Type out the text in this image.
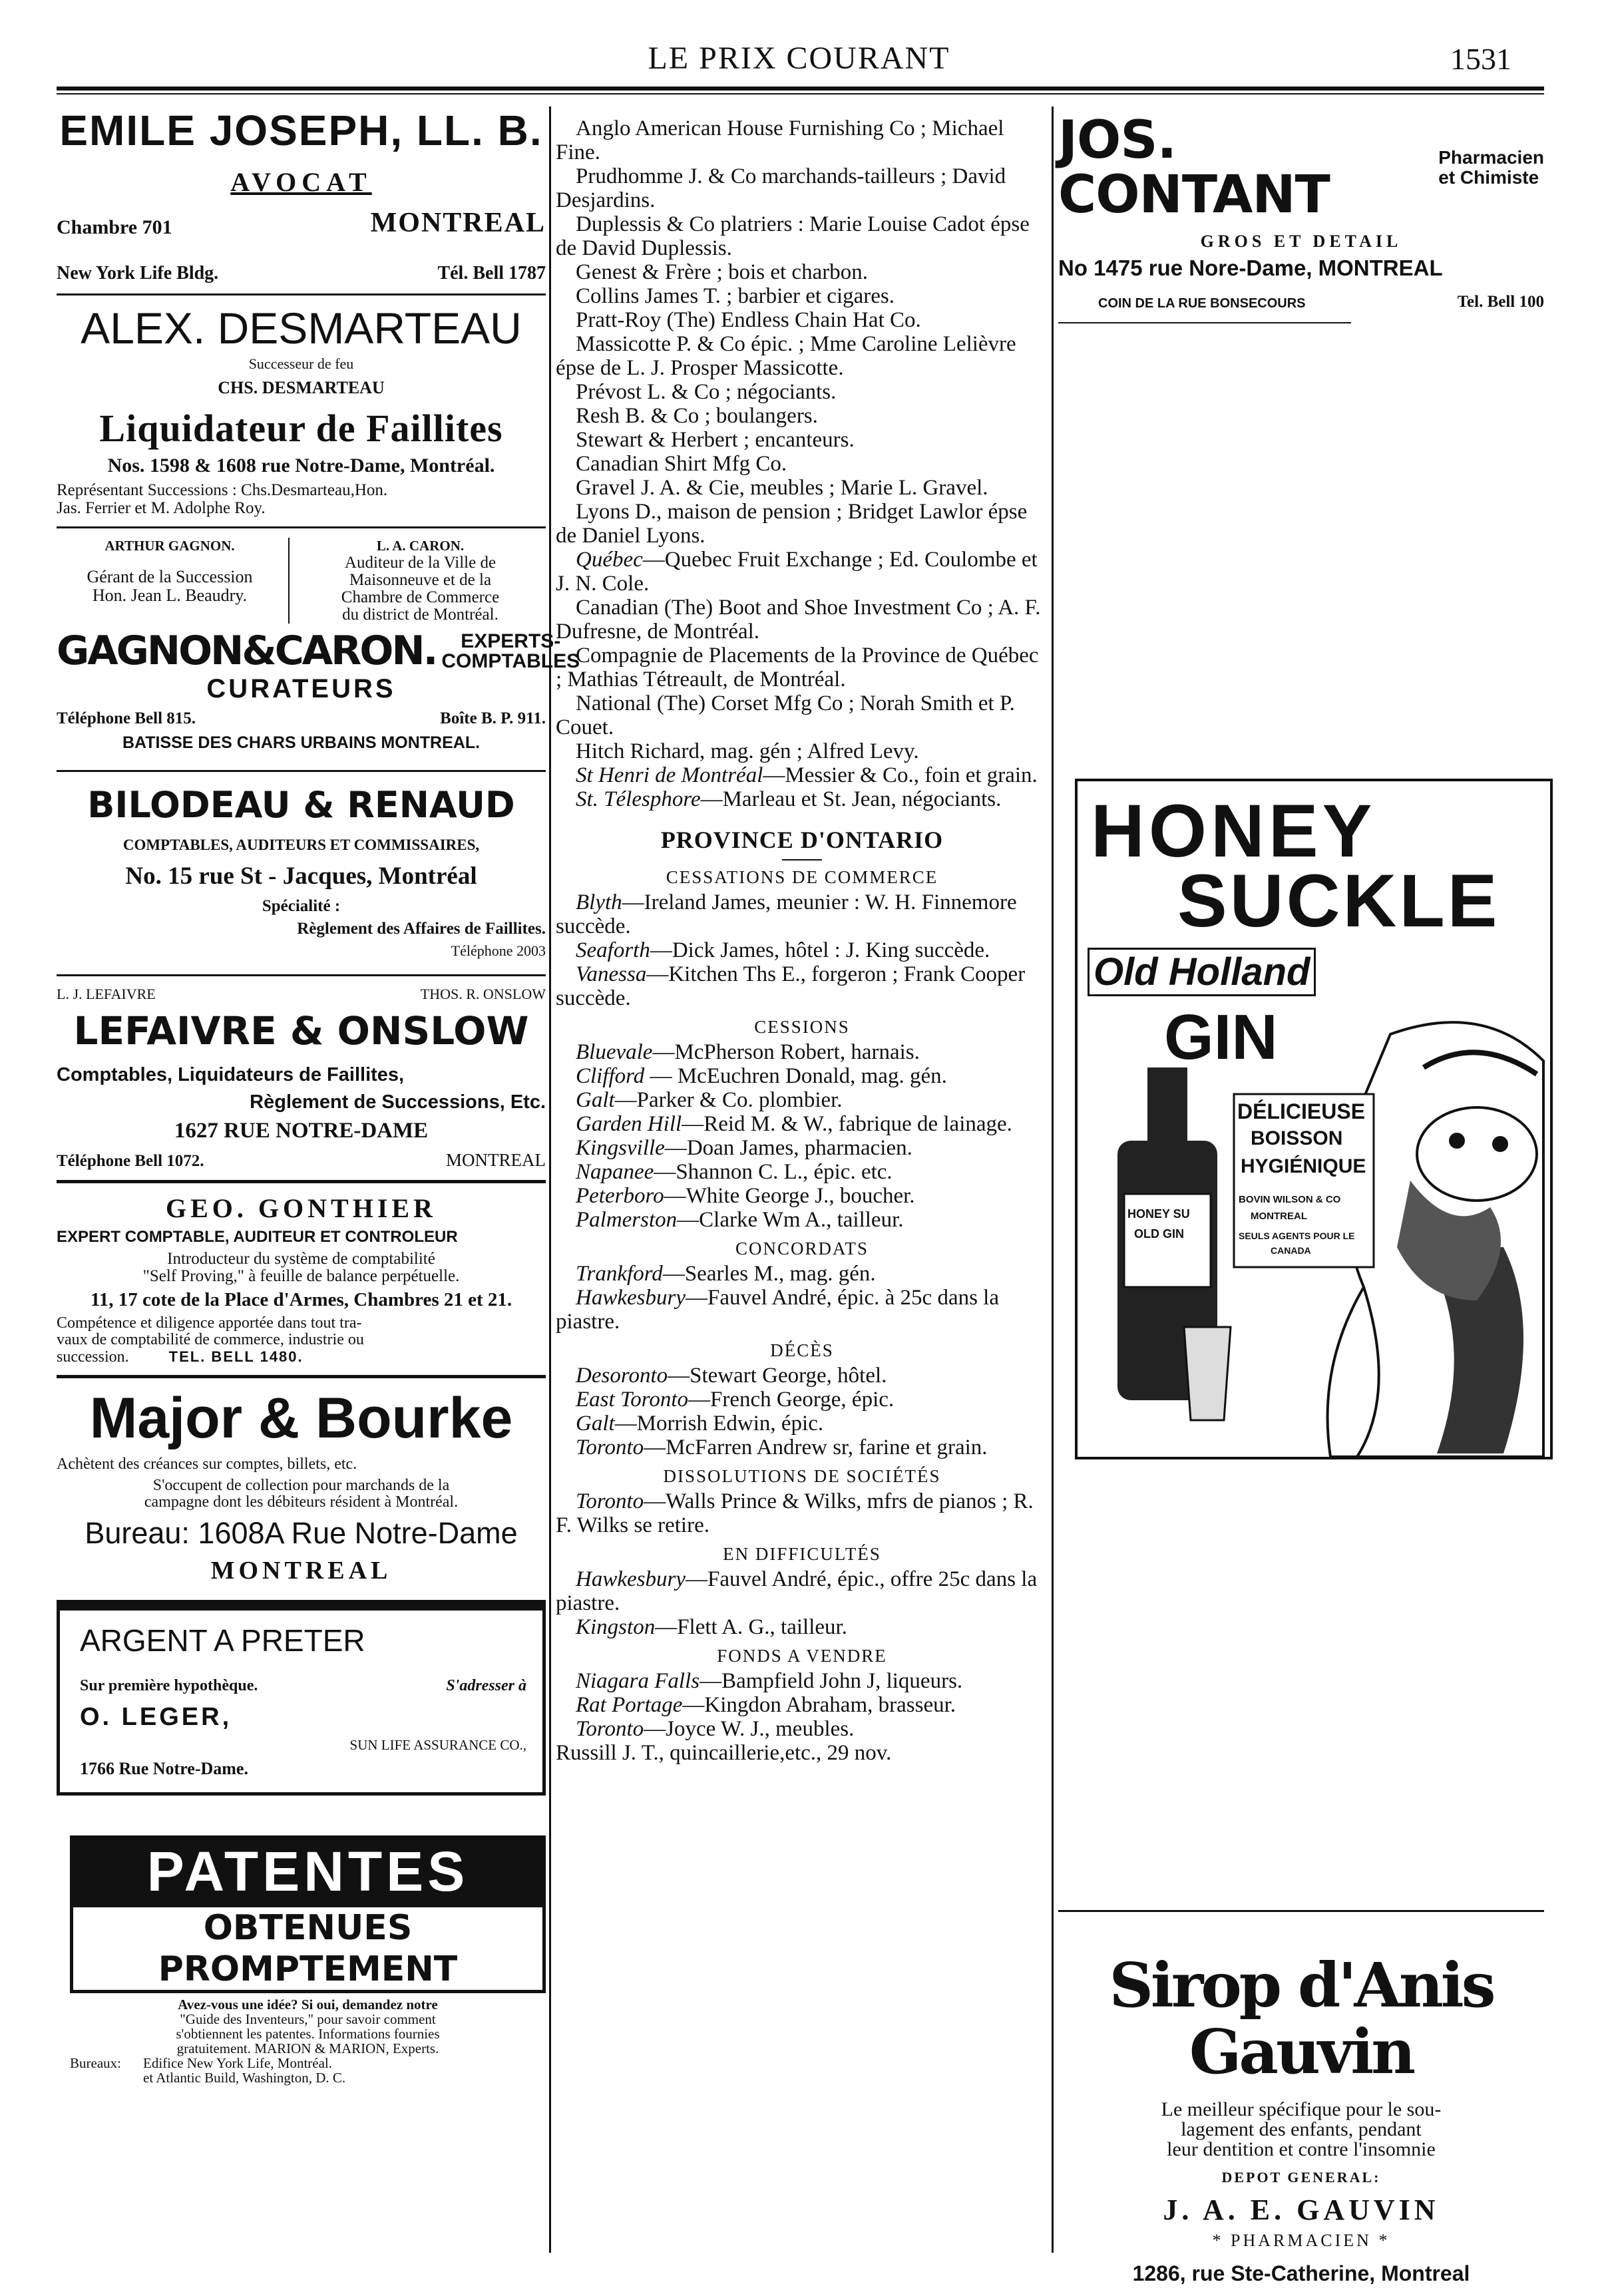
LE PRIX COURANT	1531
EMILE JOSEPH, LL. B.
AVOCAT
Chambre 701	MONTREAL
New York Life Bldg.	Tél. Bell 1787
ALEX. DESMARTEAU
Successeur de feu
CHS. DESMARTEAU
Liquidateur de Faillites
Nos. 1598 & 1608 rue Notre-Dame, Montréal.
Représentant Successions : Chs.Desmarteau,Hon.
Jas. Ferrier et M. Adolphe Roy.
ARTHUR GAGNON.
Gérant de la Succession
Hon. Jean L. Beaudry.
L. A. CARON.
Auditeur de la Ville de
Maisonneuve et de la
Chambre de Commerce
du district de Montréal.
GAGNON&CARON.	EXPERTS-
COMPTABLES
CURATEURS
Téléphone Bell 815.	Boîte B. P. 911.
BATISSE DES CHARS URBAINS MONTREAL.
BILODEAU & RENAUD
COMPTABLES, AUDITEURS ET COMMISSAIRES,
No. 15 rue St - Jacques, Montréal
Spécialité :
Règlement des Affaires de Faillites.
Téléphone 2003
L. J. LEFAIVRE	THOS. R. ONSLOW
LEFAIVRE & ONSLOW
Comptables, Liquidateurs de Faillites,
Règlement de Successions, Etc.
1627 RUE NOTRE-DAME
Téléphone Bell 1072.	MONTREAL
GEO. GONTHIER
EXPERT COMPTABLE, AUDITEUR ET CONTROLEUR
Introducteur du système de comptabilité
"Self Proving," à feuille de balance perpétuelle.
11, 17 cote de la Place d'Armes, Chambres 21 et 21.
Compétence et diligence apportée dans tout tra-
vaux de comptabilité de commerce, industrie ou
succession.	TEL. BELL 1480.
Major & Bourke
Achètent des créances sur comptes, billets, etc.
S'occupent de collection pour marchands de la
campagne dont les débiteurs résident à Montréal.
Bureau: 1608A Rue Notre-Dame
MONTREAL
ARGENT A PRETER
Sur première hypothèque.	S'adresser à
O. LEGER,
SUN LIFE ASSURANCE CO.,
1766 Rue Notre-Dame.
PATENTES
OBTENUES PROMPTEMENT
Avez-vous une idée? Si oui, demandez notre
"Guide des Inventeurs," pour savoir comment
s'obtiennent les patentes. Informations fournies
gratuitement. MARION & MARION, Experts.
Bureaux:	Edifice New York Life, Montréal.
et Atlantic Build, Washington, D. C.

Anglo American House Furnishing Co ; Michael Fine.

Prudhomme J. & Co marchands-tailleurs ; David Desjardins.

Duplessis & Co platriers : Marie Louise Cadot épse de David Duplessis.

Genest & Frère ; bois et charbon.

Collins James T. ; barbier et cigares.

Pratt-Roy (The) Endless Chain Hat Co.

Massicotte P. & Co épic. ; Mme Caroline Lelièvre épse de L. J. Prosper Massicotte.

Prévost L. & Co ; négociants.

Resh B. & Co ; boulangers.

Stewart & Herbert ; encanteurs.

Canadian Shirt Mfg Co.

Gravel J. A. & Cie, meubles ; Marie L. Gravel.

Lyons D., maison de pension ; Bridget Lawlor épse de Daniel Lyons.

Québec—Quebec Fruit Exchange ; Ed. Coulombe et J. N. Cole.

Canadian (The) Boot and Shoe Investment Co ; A. F. Dufresne, de Montréal.

Compagnie de Placements de la Province de Québec ; Mathias Tétreault, de Montréal.

National (The) Corset Mfg Co ; Norah Smith et P. Couet.

Hitch Richard, mag. gén ; Alfred Levy.

St Henri de Montréal—Messier & Co., foin et grain.

St. Télesphore—Marleau et St. Jean, négociants.

PROVINCE D'ONTARIO
CESSATIONS DE COMMERCE

Blyth—Ireland James, meunier : W. H. Finnemore succède.

Seaforth—Dick James, hôtel : J. King succède.

Vanessa—Kitchen Ths E., forgeron ; Frank Cooper succède.

CESSIONS

Bluevale—McPherson Robert, harnais.

Clifford — McEuchren Donald, mag. gén.

Galt—Parker & Co. plombier.

Garden Hill—Reid M. & W., fabrique de lainage.

Kingsville—Doan James, pharmacien.

Napanee—Shannon C. L., épic. etc.

Peterboro—White George J., boucher.

Palmerston—Clarke Wm A., tailleur.

CONCORDATS

Trankford—Searles M., mag. gén.

Hawkesbury—Fauvel André, épic. à 25c dans la piastre.

DÉCÈS

Desoronto—Stewart George, hôtel.

East Toronto—French George, épic.

Galt—Morrish Edwin, épic.

Toronto—McFarren Andrew sr, farine et grain.

DISSOLUTIONS DE SOCIÉTÉS

Toronto—Walls Prince & Wilks, mfrs de pianos ; R. F. Wilks se retire.

EN DIFFICULTÉS

Hawkesbury—Fauvel André, épic., offre 25c dans la piastre.

Kingston—Flett A. G., tailleur.

FONDS A VENDRE

Niagara Falls—Bampfield John J, liqueurs.

Rat Portage—Kingdon Abraham, brasseur.

Toronto—Joyce W. J., meubles.

Russill J. T., quincaillerie,etc., 29 nov.

JOS. CONTANT
Pharmacien
et Chimiste
GROS ET DETAIL
No 1475 rue Nore-Dame, MONTREAL
COIN DE LA RUE BONSECOURS	Tel. Bell 100
HONEY
SUCKLE
Old Holland
GIN
DÉLICIEUSE
BOISSON
HYGIÉNIQUE
HONEY SU
OLD GIN
BOVIN WILSON & CO
MONTREAL
SEULS AGENTS POUR LE
CANADA
Sirop d'Anis Gauvin
Le meilleur spécifique pour le sou-
lagement des enfants, pendant
leur dentition et contre l'insomnie
DEPOT GENERAL:
J. A. E. GAUVIN
* PHARMACIEN *
1286, rue Ste-Catherine, Montreal
